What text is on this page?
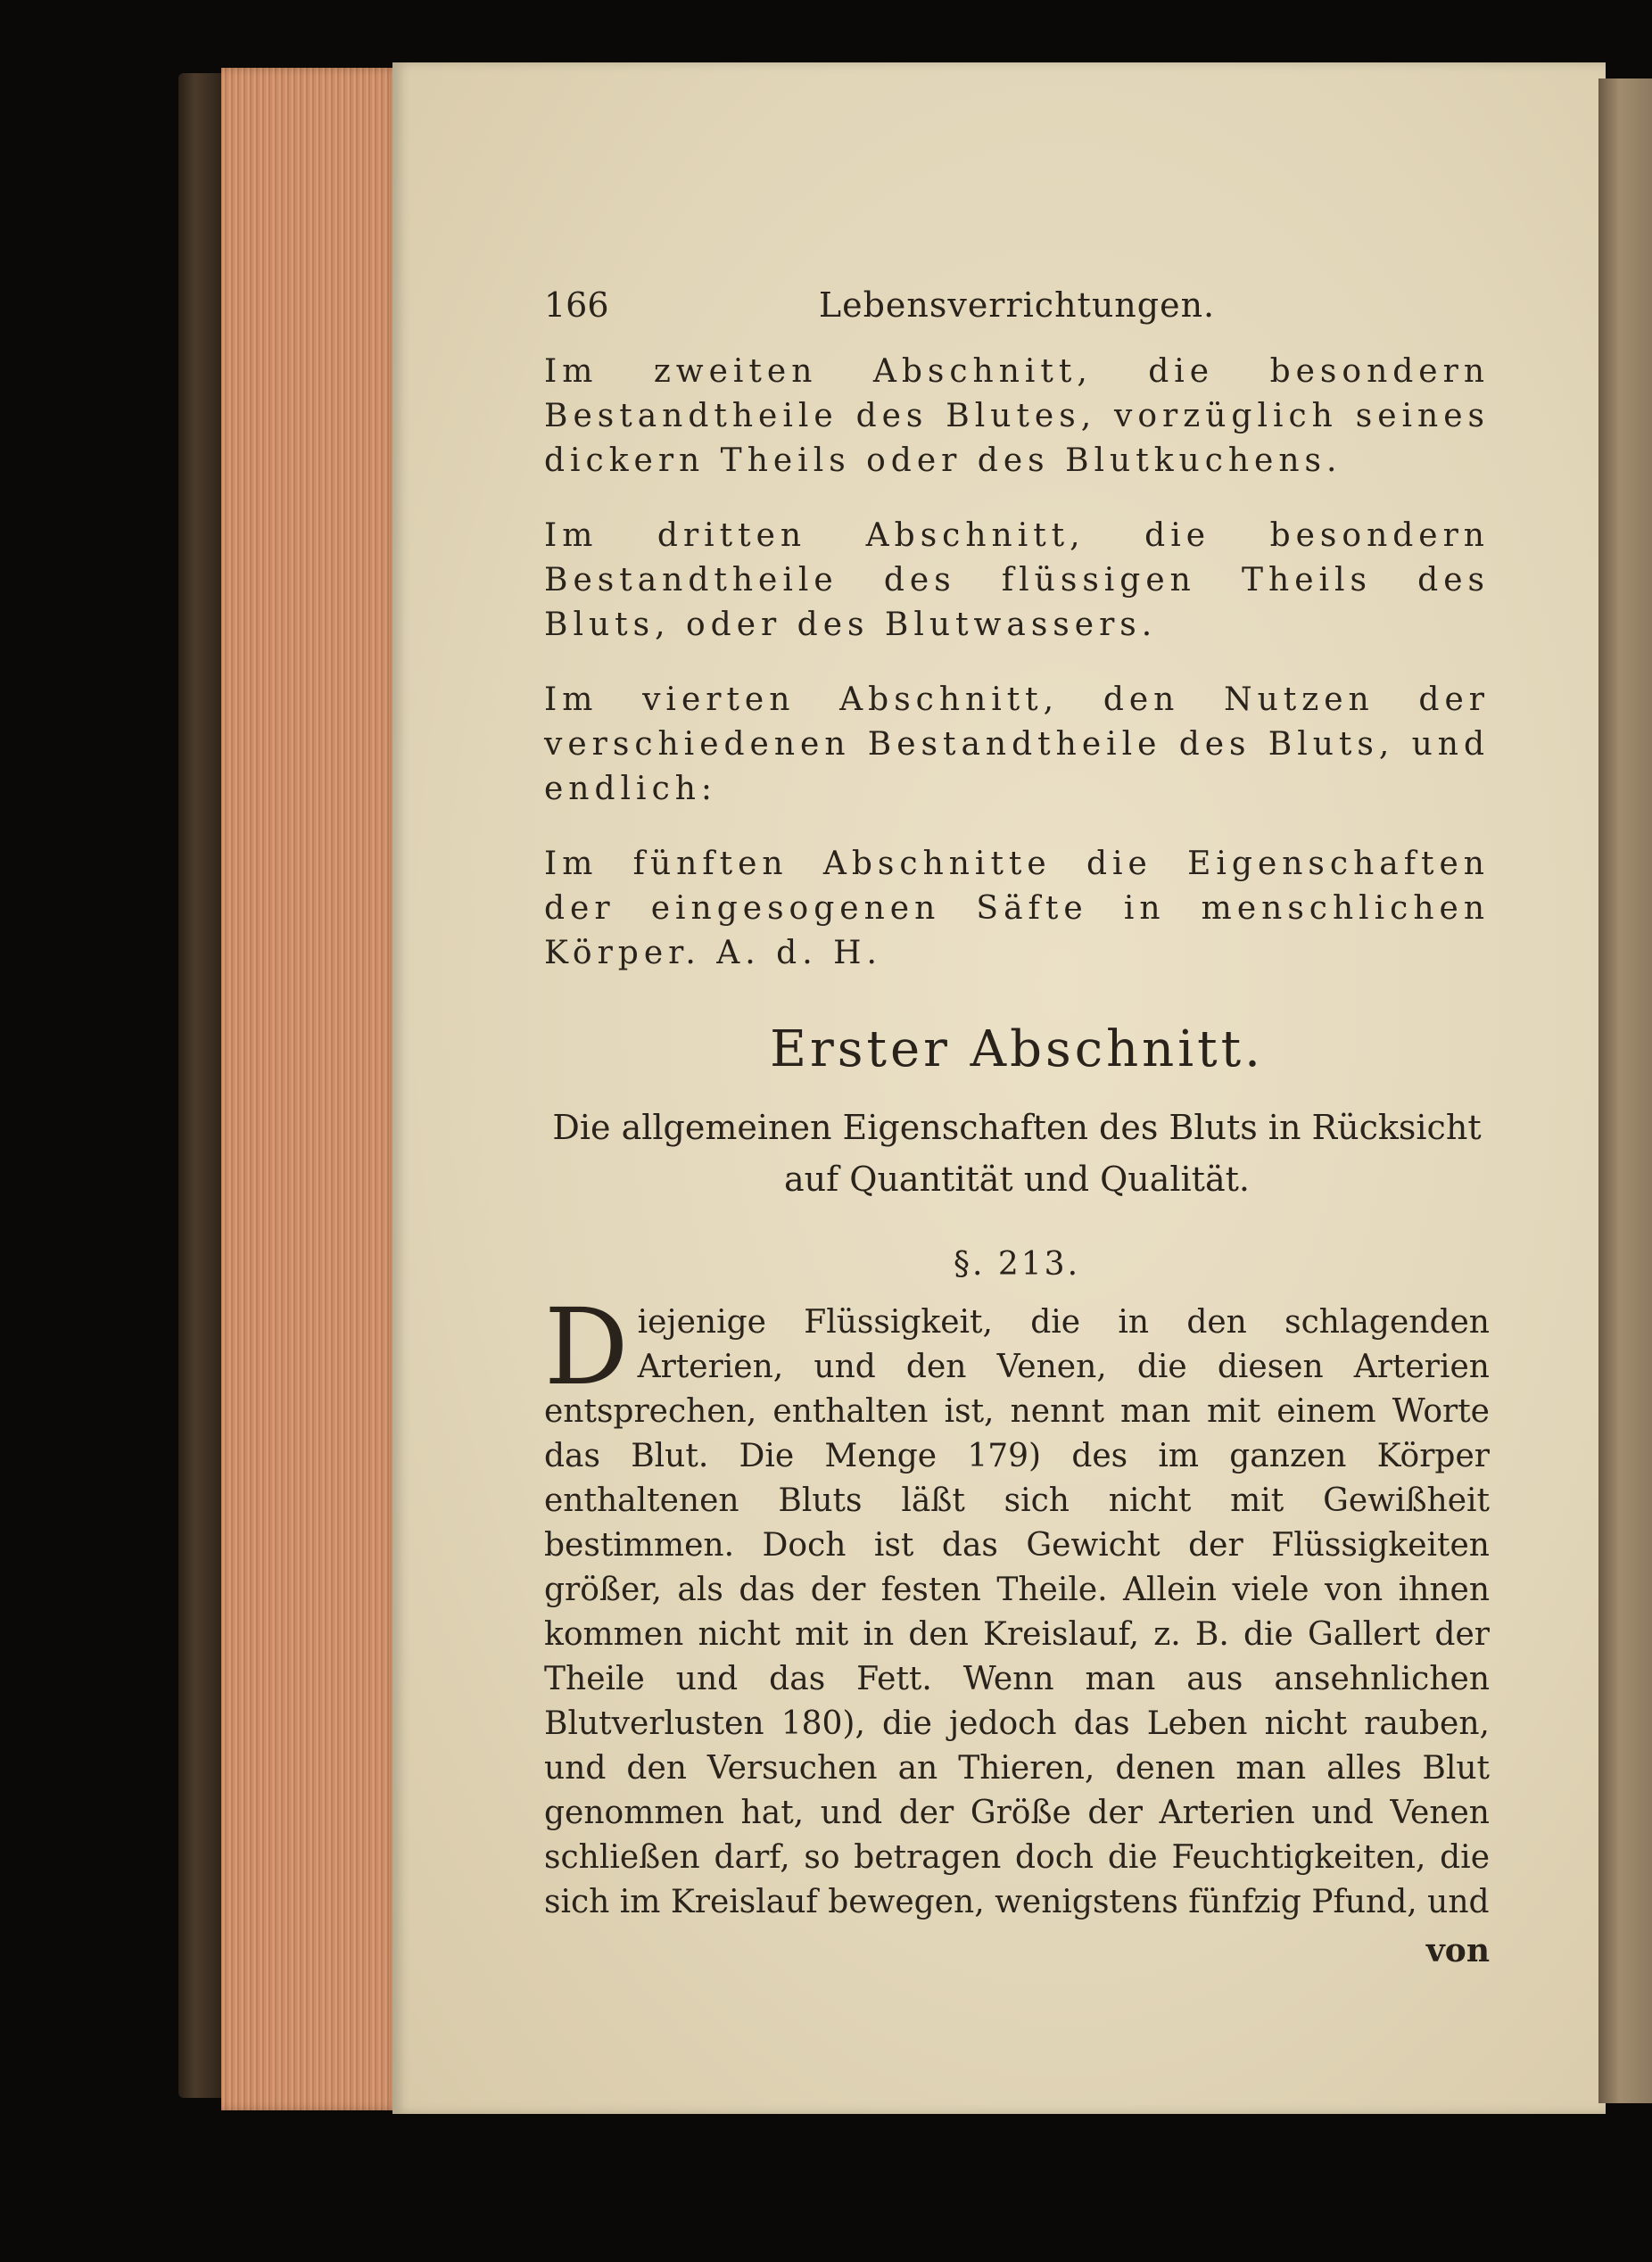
166	Lebensverrichtungen.

Im zweiten Abschnitt, die besondern Bestandtheile des Blutes, vorzüglich seines dickern Theils oder des Blutkuchens.

Im dritten Abschnitt, die besondern Bestandtheile des flüssigen Theils des Bluts, oder des Blutwassers.

Im vierten Abschnitt, den Nutzen der verschiedenen Bestandtheile des Bluts, und endlich:

Im fünften Abschnitte die Eigenschaften der eingesogenen Säfte in menschlichen Körper. A. d. H.

Erster Abschnitt.
Die allgemeinen Eigenschaften des Bluts in Rücksicht auf Quantität und Qualität.
§. 213.
Diejenige Flüssigkeit, die in den schlagenden Arterien, und den Venen, die diesen Arterien entsprechen, enthalten ist, nennt man mit einem Worte das Blut. Die Menge 179) des im ganzen Körper enthaltenen Bluts läßt sich nicht mit Gewißheit bestimmen. Doch ist das Gewicht der Flüssigkeiten größer, als das der festen Theile. Allein viele von ihnen kommen nicht mit in den Kreislauf, z. B. die Gallert der Theile und das Fett. Wenn man aus ansehnlichen Blutverlusten 180), die jedoch das Leben nicht rauben, und den Versuchen an Thieren, denen man alles Blut genommen hat, und der Größe der Arterien und Venen schließen darf, so betragen doch die Feuchtigkeiten, die sich im Kreislauf bewegen, wenigstens fünfzig Pfund, und
von
